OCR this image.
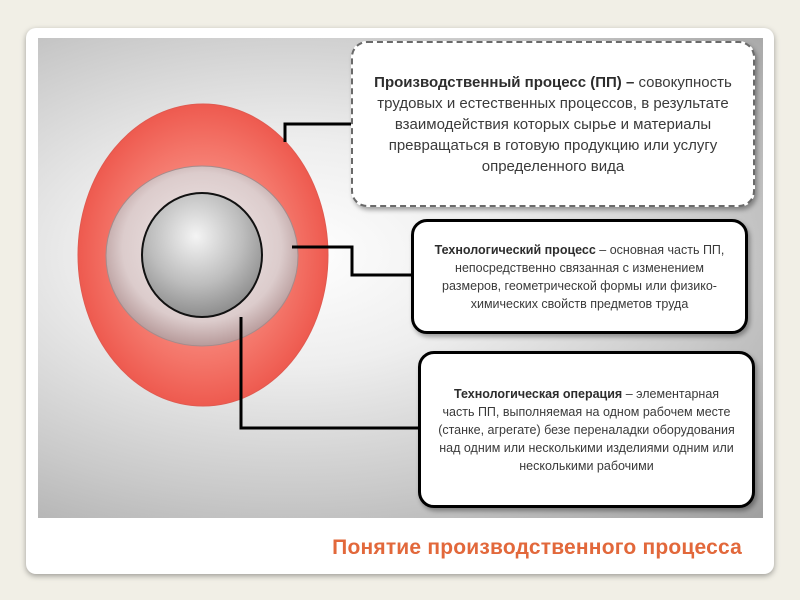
Производственный процесс (ПП) – совокупность трудовых и естественных процессов, в результате взаимодействия которых сырье и материалы превращаться в готовую продукцию или услугу определенного вида
Технологический процесс – основная часть ПП, непосредственно связанная с изменением размеров, геометрической формы или физико-химических свойств предметов труда
Технологическая операция – элементарная часть ПП, выполняемая на одном рабочем месте (станке, агрегате) безе переналадки оборудования над одним или несколькими изделиями одним или несколькими рабочими
Понятие производственного процесса
